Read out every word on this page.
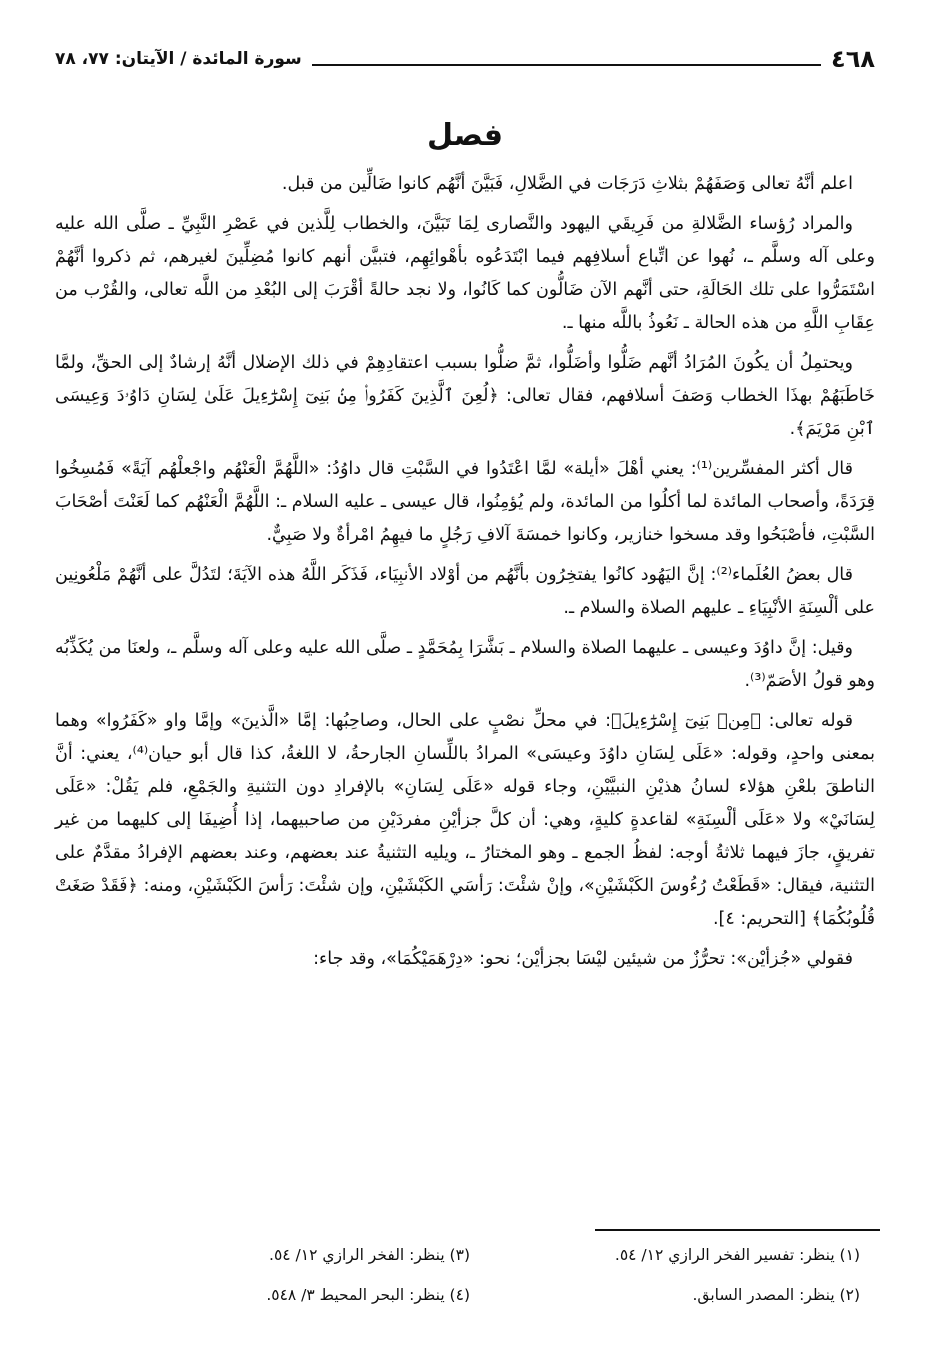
٤٦٨
سورة المائدة / الآيتان: ٧٧، ٧٨
فصل

اعلم أنَّهُ تعالى وَصَفَهُمْ بثلاثِ دَرَجَات في الضَّلالِ، فَبَيَّنَ أنَّهُم كانوا ضَالِّين من قبل.

والمراد رُؤساء الضَّلالةِ من فَرِيقَي اليهود والنَّصارى لِمَا تَبَيَّنَ، والخطاب لِلَّذين في عَصْرِ النَّبِيِّ ـ صلَّى الله عليه وعلى آله وسلَّم ـ، نُهوا عن اتِّباع أسلافِهم فيما ابْتَدَعُوه بأهْوائِهِم، فتبيَّن أنهم كانوا مُضِلِّينَ لغيرهم، ثم ذكروا أنَّهُمْ اسْتَمَرُّوا على تلك الحَالَةِ، حتى أنَّهم الآن ضَالُّون كما كَانُوا، ولا نجد حالةً أقْرَبَ إلى البُعْدِ من اللَّه تعالى، والقُرْب من عِقَابِ اللَّهِ من هذه الحالة ـ نَعُوذُ باللَّه منها ـ.

ويحتمِلُ أن يكُونَ المُرَادُ أنَّهم ضَلُّوا وأضَلُّوا، ثمَّ ضلُّوا بسبب اعتقادِهِمْ في ذلك الإضلال أنَّهُ إرشادٌ إلى الحقِّ، ولمَّا خَاطَبَهُمْ بهذَا الخطاب وَصَفَ أسلافهم، فقال تعالى: ﴿لُعِنَ ٱلَّذِينَ كَفَرُوا۟ مِنۢ بَنِىٓ إِسْرَٰٓءِيلَ عَلَىٰ لِسَانِ دَاوُۥدَ وَعِيسَى ٱبْنِ مَرْيَمَ﴾.

قال أكثر المفسِّرين⁽¹⁾: يعني أهْلَ «أيلة» لمَّا اعْتَدُوا في السَّبْتِ قال داوُدُ: «اللَّهُمَّ الْعَنْهُم واجْعلْهُم آيَةً» فَمُسِخُوا قِرَدَةً، وأصحاب المائدة لما أكلُوا من المائدة، ولم يُؤمِنُوا، قال عيسى ـ عليه السلام ـ: اللَّهُمَّ الْعَنْهُم كما لَعَنْتَ أصْحَابَ السَّبْتِ، فأصْبَحُوا وقد مسخوا خنازير، وكانوا خمسَةَ آلافِ رَجُلٍ ما فيهِمُ امْرأةٌ ولا صَبِيٌّ.

قال بعضُ العُلَماء⁽²⁾: إنَّ اليَهُود كانُوا يفتخِرُون بأنَّهُم من أوْلاد الأنبِيَاء، فَذَكَر اللَّهُ هذه الآيَةَ؛ لتَدُلَّ على أنَّهُمْ مَلْعُونِين على ألْسِنَةِ الأنْبِيَاءِ ـ عليهم الصلاة والسلام ـ.

وقيل: إنَّ داوُدَ وعيسى ـ عليهما الصلاة والسلام ـ بَشَّرَا بِمُحَمَّدٍ ـ صلَّى الله عليه وعلى آله وسلَّم ـ، ولعنَا من يُكَذِّبُه وهو قولُ الأصَمّ⁽³⁾.

قوله تعالى: ﴿مِنۢ بَنِىٓ إِسْرَٰٓءِيلَ﴾: في محلِّ نصْبٍ على الحال، وصاحِبُها: إمَّا «الَّذينَ» وإمَّا واو «كَفَرُوا» وهما بمعنى واحدٍ، وقوله: «عَلَى لِسَانِ داوُدَ وعيسَى» المرادُ باللِّسانِ الجارحةُ، لا اللغةُ، كذا قال أبو حيان⁽⁴⁾، يعني: أنَّ الناطقَ بلعْنِ هؤلاء لسانُ هذيْنِ النبيَّيْنِ، وجاء قوله «عَلَى لِسَانِ» بالإفرادِ دون التثنيةِ والجَمْعِ، فلم يَقُلْ: «عَلَى لِسَانَيْ» ولا «عَلَى ألْسِنَةِ» لقاعدةٍ كليةٍ، وهي: أن كلَّ جزأيْنِ مفردَيْنِ من صاحبيهما، إذا أُضِيفَا إلى كليهما من غير تفريقٍ، جازَ فيهما ثلاثةُ أوجه: لفظُ الجمع ـ وهو المختارُ ـ، ويليه التثنيةُ عند بعضهم، وعند بعضهم الإفرادُ مقدَّمٌ على التثنية، فيقال: «قَطَعْتُ رُءُوسَ الكَبْشَيْنِ»، وإنْ شئْتَ: رَأسَي الكَبْشَيْنِ، وإن شئْتَ: رَأسَ الكَبْشَيْنِ، ومنه: ﴿فَقَدْ صَغَتْ قُلُوبُكُمَا﴾ [التحريم: ٤].

فقولي «جُزأيْن»: تحرُّزٌ من شيئين ليْسَا بجزأيْن؛ نحو: «دِرْهَمَيْكُمَا»، وقد جاء:

(١) ينظر: تفسير الفخر الرازي ١٢/ ٥٤.
(٣) ينظر: الفخر الرازي ١٢/ ٥٤.
(٢) ينظر: المصدر السابق.
(٤) ينظر: البحر المحيط ٣/ ٥٤٨.
